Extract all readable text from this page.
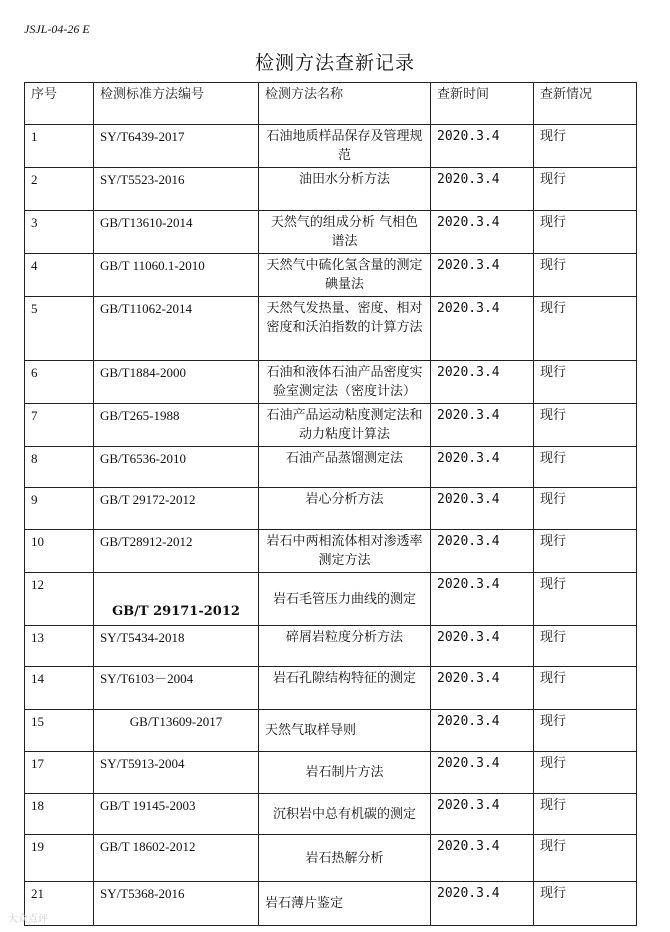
JSJL-04-26 E
检测方法查新记录
序号	检测标准方法编号	检测方法名称	查新时间	查新情况
1	SY/T6439-2017	石油地质样品保存及管理规范	2020.3.4	现行
2	SY/T5523-2016	油田水分析方法	2020.3.4	现行
3	GB/T13610-2014	天然气的组成分析 气相色谱法	2020.3.4	现行
4	GB/T 11060.1-2010	天然气中硫化氢含量的测定 碘量法	2020.3.4	现行
5	GB/T11062-2014	天然气发热量、密度、相对密度和沃泊指数的计算方法	2020.3.4	现行
6	GB/T1884-2000	石油和液体石油产品密度实验室测定法（密度计法）	2020.3.4	现行
7	GB/T265-1988	石油产品运动粘度测定法和动力粘度计算法	2020.3.4	现行
8	GB/T6536-2010	石油产品蒸馏测定法	2020.3.4	现行
9	GB/T 29172-2012	岩心分析方法	2020.3.4	现行
10	GB/T28912-2012	岩石中两相流体相对渗透率测定方法	2020.3.4	现行
12	GB/T 29171-2012	岩石毛管压力曲线的测定	2020.3.4	现行
13	SY/T5434-2018	碎屑岩粒度分析方法	2020.3.4	现行
14	SY/T6103－2004	岩石孔隙结构特征的测定	2020.3.4	现行
15	GB/T13609-2017	天然气取样导则	2020.3.4	现行
17	SY/T5913-2004	岩石制片方法	2020.3.4	现行
18	GB/T 19145-2003	沉积岩中总有机碳的测定	2020.3.4	现行
19	GB/T 18602-2012	岩石热解分析	2020.3.4	现行
21	SY/T5368-2016	岩石薄片鉴定	2020.3.4	现行
大众点评
